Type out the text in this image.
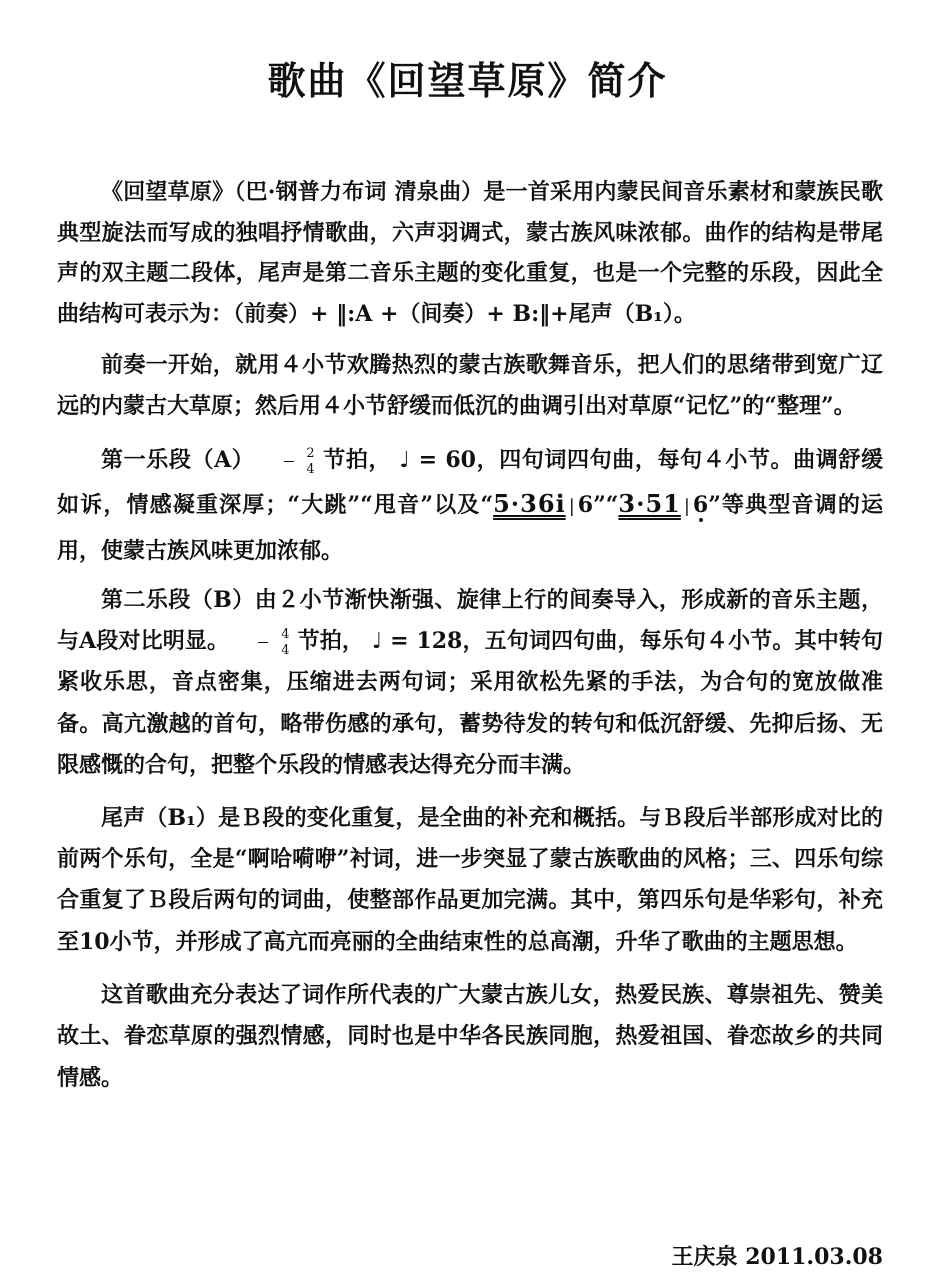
歌曲《回望草原》简介

《回望草原》（巴·钢普力布词 清泉曲）是一首采用内蒙民间音乐素材和蒙族民歌典型旋法而写成的独唱抒情歌曲，六声羽调式，蒙古族风味浓郁。曲作的结构是带尾声的双主题二段体，尾声是第二音乐主题的变化重复，也是一个完整的乐段，因此全曲结构可表示为：（前奏）+ ‖:A +（间奏）+ B:‖+尾声（B₁）。

前奏一开始，就用４小节欢腾热烈的蒙古族歌舞音乐，把人们的思绪带到宽广辽远的内蒙古大草原；然后用４小节舒缓而低沉的曲调引出对草原“记忆”的“整理”。

第一乐段$(A) \frac{2}{4}$ 节拍， ♩ = 60，四句词四句曲，每句４小节。曲调舒缓如诉，情感凝重深厚；“大跳”“甩音”以及“5·36i | 6”“3·51 | 6”等典型音调的运用，使蒙古族风味更加浓郁。

第二乐段（B）由２小节渐快渐强、旋律上行的间奏导入，形成新的音乐主题，与A段对比明显。 $\frac{4}{4}$ 节拍， ♩ = 128，五句词四句曲，每乐句４小节。其中转句紧收乐思，音点密集，压缩进去两句词；采用欲松先紧的手法，为合句的宽放做准备。高亢激越的首句，略带伤感的承句，蓄势待发的转句和低沉舒缓、先抑后扬、无限感慨的合句，把整个乐段的情感表达得充分而丰满。

尾声（B₁）是Ｂ段的变化重复，是全曲的补充和概括。与Ｂ段后半部形成对比的前两个乐句，全是“啊哈嗬咿”衬词，进一步突显了蒙古族歌曲的风格；三、四乐句综合重复了Ｂ段后两句的词曲，使整部作品更加完满。其中，第四乐句是华彩句，补充至10小节，并形成了高亢而亮丽的全曲结束性的总高潮，升华了歌曲的主题思想。

这首歌曲充分表达了词作所代表的广大蒙古族儿女，热爱民族、尊崇祖先、赞美故土、眷恋草原的强烈情感，同时也是中华各民族同胞，热爱祖国、眷恋故乡的共同情感。

王庆泉 2011.03.08
